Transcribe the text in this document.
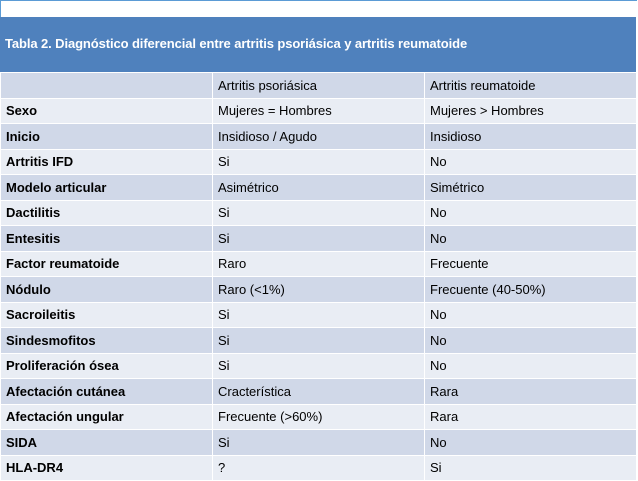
Tabla 2. Diagnóstico diferencial entre artritis psoriásica y artritis reumatoide
	Artritis psoriásica	Artritis reumatoide
Sexo	Mujeres = Hombres	Mujeres > Hombres
Inicio	Insidioso / Agudo	Insidioso
Artritis IFD	Si	No
Modelo articular	Asimétrico	Simétrico
Dactilitis	Si	No
Entesitis	Si	No
Factor reumatoide	Raro	Frecuente
Nódulo	Raro (<1%)	Frecuente (40-50%)
Sacroileitis	Si	No
Sindesmofitos	Si	No
Proliferación ósea	Si	No
Afectación cutánea	Cracterística	Rara
Afectación ungular	Frecuente (>60%)	Rara
SIDA	Si	No
HLA-DR4	?	Si
